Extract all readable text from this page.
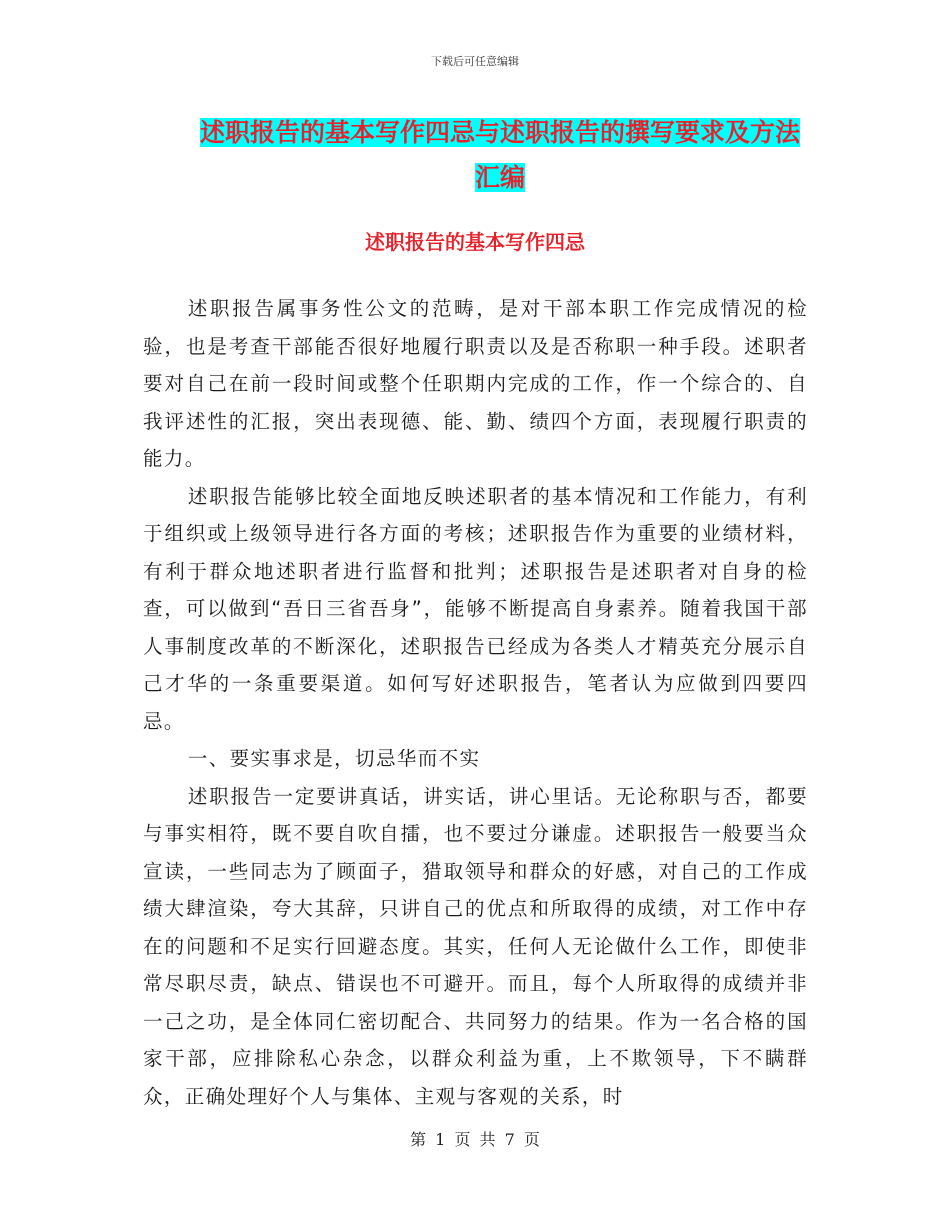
下载后可任意编辑
述职报告的基本写作四忌与述职报告的撰写要求及方法汇编
述职报告的基本写作四忌

述职报告属事务性公文的范畴，是对干部本职工作完成情况的检验，也是考查干部能否很好地履行职责以及是否称职一种手段。述职者要对自己在前一段时间或整个任职期内完成的工作，作一个综合的、自我评述性的汇报，突出表现德、能、勤、绩四个方面，表现履行职责的能力。

述职报告能够比较全面地反映述职者的基本情况和工作能力，有利于组织或上级领导进行各方面的考核；述职报告作为重要的业绩材料，有利于群众地述职者进行监督和批判；述职报告是述职者对自身的检查，可以做到“吾日三省吾身”，能够不断提高自身素养。随着我国干部人事制度改革的不断深化，述职报告已经成为各类人才精英充分展示自己才华的一条重要渠道。如何写好述职报告，笔者认为应做到四要四忌。

一、要实事求是，切忌华而不实

述职报告一定要讲真话，讲实话，讲心里话。无论称职与否，都要与事实相符，既不要自吹自擂，也不要过分谦虚。述职报告一般要当众宣读，一些同志为了顾面子，猎取领导和群众的好感，对自己的工作成绩大肆渲染，夸大其辞，只讲自己的优点和所取得的成绩，对工作中存在的问题和不足实行回避态度。其实，任何人无论做什么工作，即使非常尽职尽责，缺点、错误也不可避开。而且，每个人所取得的成绩并非一己之功，是全体同仁密切配合、共同努力的结果。作为一名合格的国家干部，应排除私心杂念，以群众利益为重，上不欺领导，下不瞒群众，正确处理好个人与集体、主观与客观的关系，时

第 1 页 共 7 页
